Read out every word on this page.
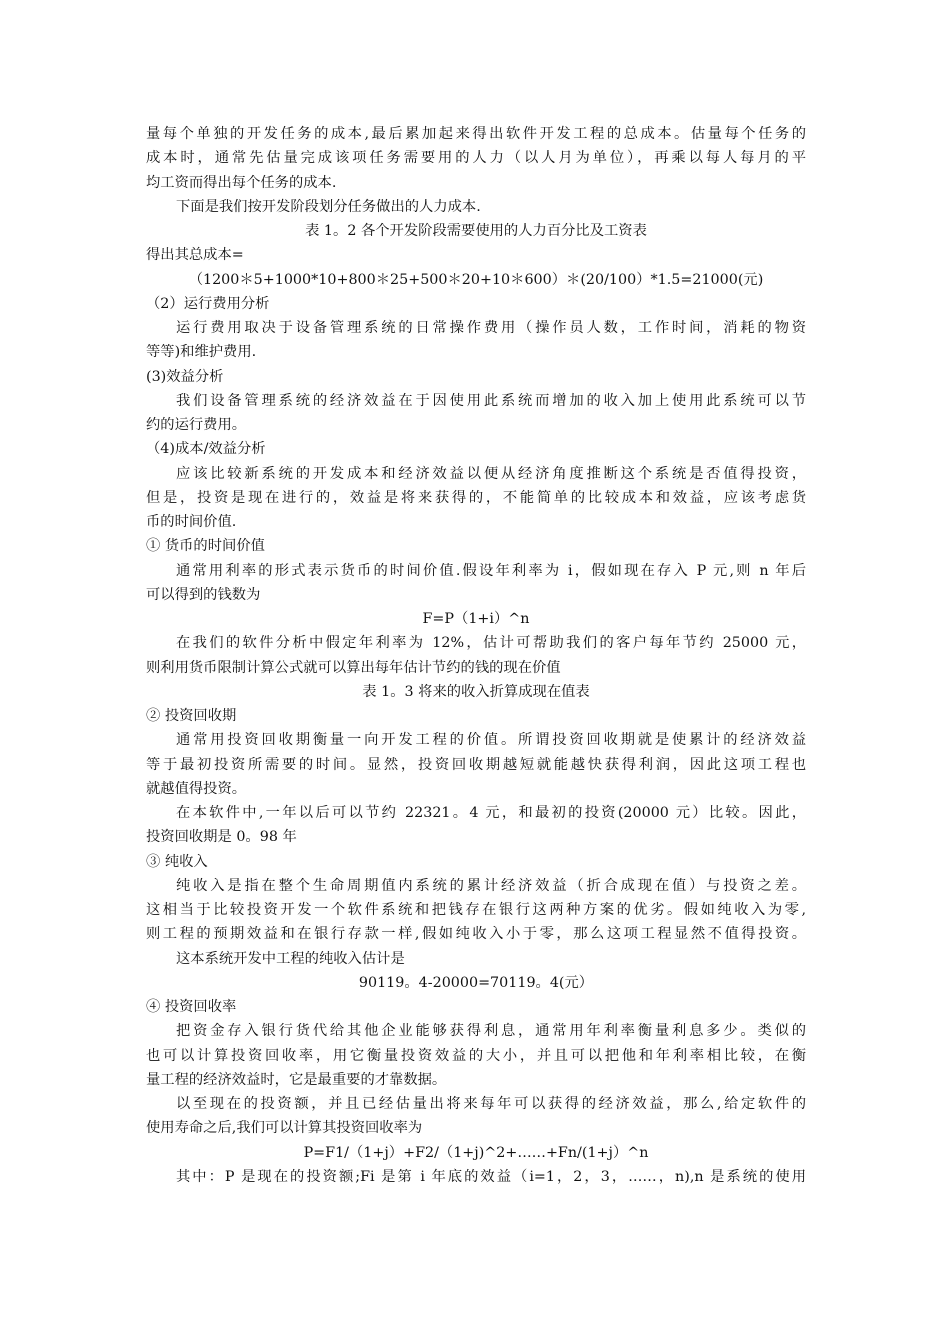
量每个单独的开发任务的成本,最后累加起来得出软件开发工程的总成本。估量每个任务的
成本时，通常先估量完成该项任务需要用的人力（以人月为单位），再乘以每人每月的平
均工资而得出每个任务的成本.
下面是我们按开发阶段划分任务做出的人力成本.
表 1。2 各个开发阶段需要使用的人力百分比及工资表
得出其总成本=
（1200＊5+1000*10+800＊25+500＊20+10＊600）＊(20/100）*1.5=21000(元)
（2）运行费用分析
运行费用取决于设备管理系统的日常操作费用（操作员人数，工作时间，消耗的物资
等等)和维护费用.
(3)效益分析
我们设备管理系统的经济效益在于因使用此系统而增加的收入加上使用此系统可以节
约的运行费用。
（4)成本/效益分析
应该比较新系统的开发成本和经济效益以便从经济角度推断这个系统是否值得投资，
但是，投资是现在进行的，效益是将来获得的，不能简单的比较成本和效益，应该考虑货
币的时间价值.
① 货币的时间价值
通常用利率的形式表示货币的时间价值.假设年利率为 i，假如现在存入 P 元,则 n 年后
可以得到的钱数为
F=P（1+i）^n
在我们的软件分析中假定年利率为 12%，估计可帮助我们的客户每年节约 25000 元，
则利用货币限制计算公式就可以算出每年估计节约的钱的现在价值
表 1。3 将来的收入折算成现在值表
② 投资回收期
通常用投资回收期衡量一向开发工程的价值。所谓投资回收期就是使累计的经济效益
等于最初投资所需要的时间。显然，投资回收期越短就能越快获得利润，因此这项工程也
就越值得投资。
在本软件中,一年以后可以节约 22321。4 元，和最初的投资(20000 元）比较。因此，
投资回收期是 0。98 年
③ 纯收入
纯收入是指在整个生命周期值内系统的累计经济效益（折合成现在值）与投资之差。
这相当于比较投资开发一个软件系统和把钱存在银行这两种方案的优劣。假如纯收入为零,
则工程的预期效益和在银行存款一样,假如纯收入小于零，那么这项工程显然不值得投资。
这本系统开发中工程的纯收入估计是
90119。4-20000=70119。4(元）
④ 投资回收率
把资金存入银行货代给其他企业能够获得利息，通常用年利率衡量利息多少。类似的
也可以计算投资回收率，用它衡量投资效益的大小，并且可以把他和年利率相比较，在衡
量工程的经济效益时，它是最重要的才靠数据。
以至现在的投资额，并且已经估量出将来每年可以获得的经济效益，那么,给定软件的
使用寿命之后,我们可以计算其投资回收率为
P=F1/（1+j）+F2/（1+j)^2+……+Fn/(1+j）^n
其中：P 是现在的投资额;Fi 是第 i 年底的效益（i=1，2，3，……，n),n 是系统的使用
